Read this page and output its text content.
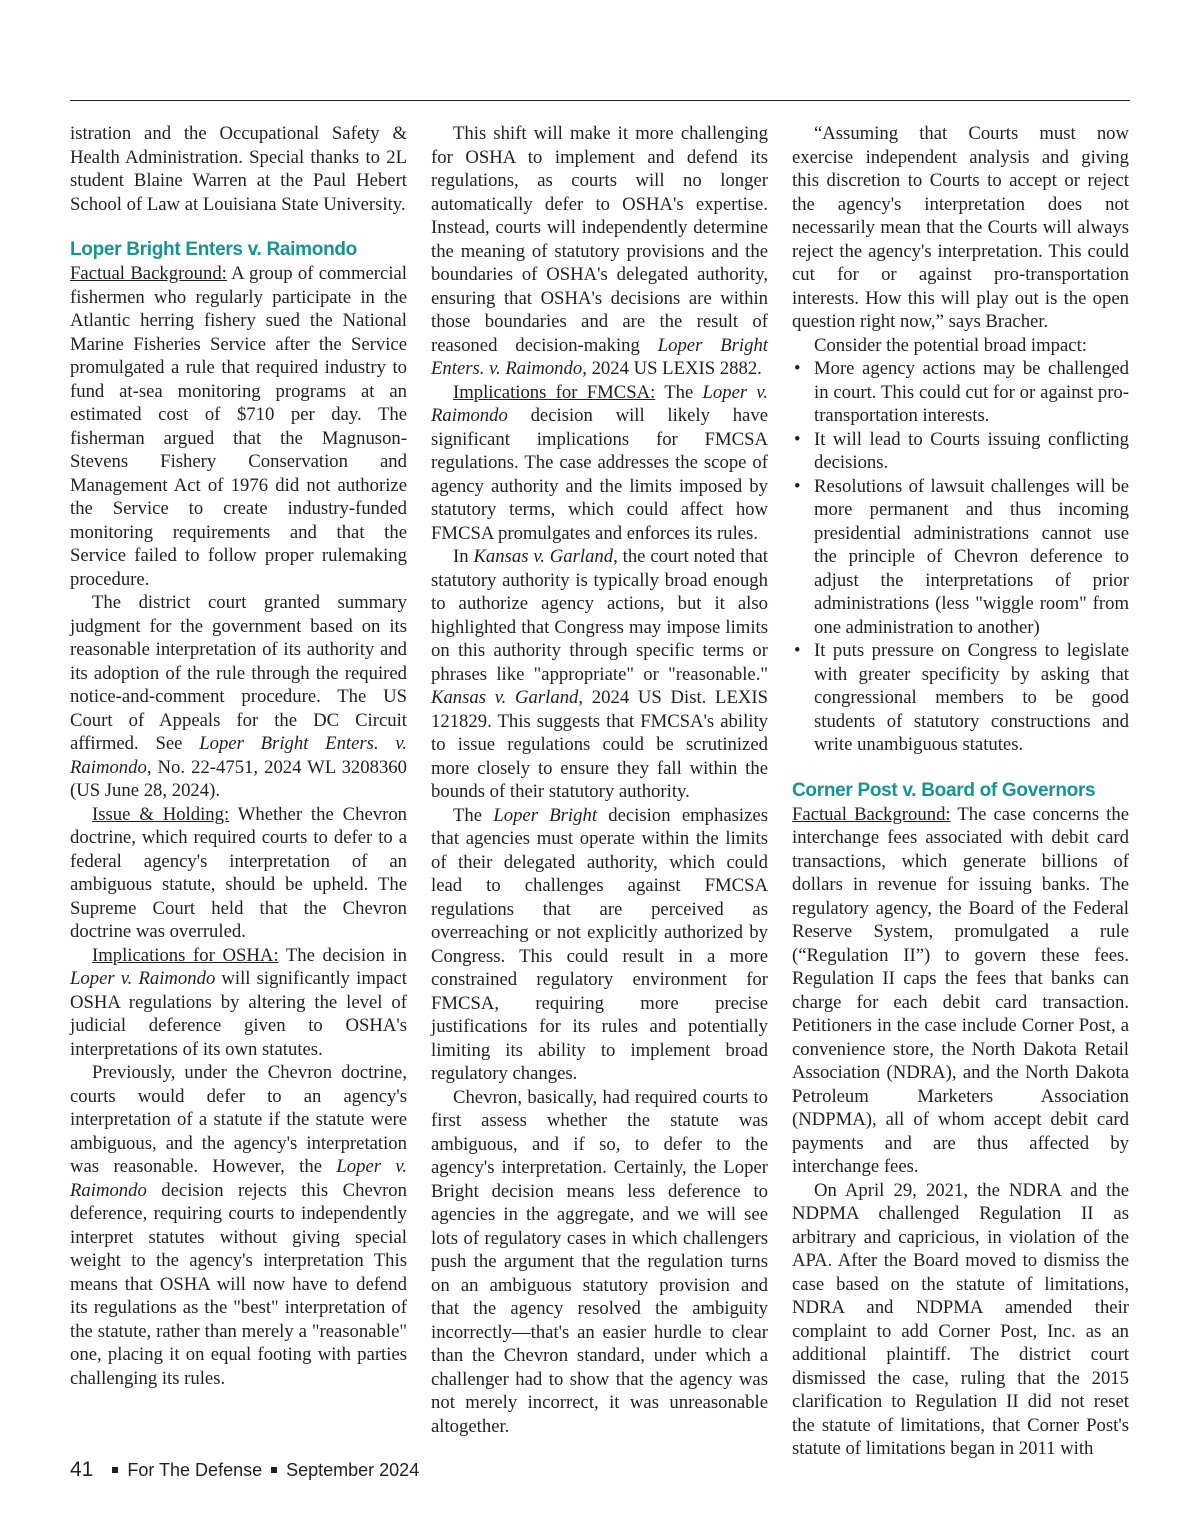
istration and the Occupational Safety & Health Administration. Special thanks to 2L student Blaine Warren at the Paul Hebert School of Law at Louisiana State University.

Loper Bright Enters v. Raimondo

Factual Background: A group of commercial fishermen who regularly participate in the Atlantic herring fishery sued the National Marine Fisheries Service after the Service promulgated a rule that required industry to fund at-sea monitoring programs at an estimated cost of $710 per day. The fisherman argued that the Magnuson-Stevens Fishery Conservation and Management Act of 1976 did not authorize the Service to create industry-funded monitoring requirements and that the Service failed to follow proper rulemaking procedure.

The district court granted summary judgment for the government based on its reasonable interpretation of its authority and its adoption of the rule through the required notice-and-comment procedure. The US Court of Appeals for the DC Circuit affirmed. See Loper Bright Enters. v. Raimondo, No. 22-4751, 2024 WL 3208360 (US June 28, 2024).

Issue & Holding: Whether the Chevron doctrine, which required courts to defer to a federal agency's interpretation of an ambiguous statute, should be upheld. The Supreme Court held that the Chevron doctrine was overruled.

Implications for OSHA: The decision in Loper v. Raimondo will significantly impact OSHA regulations by altering the level of judicial deference given to OSHA's interpretations of its own statutes.

Previously, under the Chevron doctrine, courts would defer to an agency's interpretation of a statute if the statute were ambiguous, and the agency's interpretation was reasonable. However, the Loper v. Raimondo decision rejects this Chevron deference, requiring courts to independently interpret statutes without giving special weight to the agency's interpretation This means that OSHA will now have to defend its regulations as the "best" interpretation of the statute, rather than merely a "reasonable" one, placing it on equal footing with parties challenging its rules.

This shift will make it more challenging for OSHA to implement and defend its regulations, as courts will no longer automatically defer to OSHA's expertise. Instead, courts will independently determine the meaning of statutory provisions and the boundaries of OSHA's delegated authority, ensuring that OSHA's decisions are within those boundaries and are the result of reasoned decision-making Loper Bright Enters. v. Raimondo, 2024 US LEXIS 2882.

Implications for FMCSA: The Loper v. Raimondo decision will likely have significant implications for FMCSA regulations. The case addresses the scope of agency authority and the limits imposed by statutory terms, which could affect how FMCSA promulgates and enforces its rules.

In Kansas v. Garland, the court noted that statutory authority is typically broad enough to authorize agency actions, but it also highlighted that Congress may impose limits on this authority through specific terms or phrases like "appropriate" or "reasonable." Kansas v. Garland, 2024 US Dist. LEXIS 121829. This suggests that FMCSA's ability to issue regulations could be scrutinized more closely to ensure they fall within the bounds of their statutory authority.

The Loper Bright decision emphasizes that agencies must operate within the limits of their delegated authority, which could lead to challenges against FMCSA regulations that are perceived as overreaching or not explicitly authorized by Congress. This could result in a more constrained regulatory environment for FMCSA, requiring more precise justifications for its rules and potentially limiting its ability to implement broad regulatory changes.

Chevron, basically, had required courts to first assess whether the statute was ambiguous, and if so, to defer to the agency's interpretation. Certainly, the Loper Bright decision means less deference to agencies in the aggregate, and we will see lots of regulatory cases in which challengers push the argument that the regulation turns on an ambiguous statutory provision and that the agency resolved the ambiguity incorrectly—that's an easier hurdle to clear than the Chevron standard, under which a challenger had to show that the agency was not merely incorrect, it was unreasonable altogether.

“Assuming that Courts must now exercise independent analysis and giving this discretion to Courts to accept or reject the agency's interpretation does not necessarily mean that the Courts will always reject the agency's interpretation. This could cut for or against pro-transportation interests. How this will play out is the open question right now,” says Bracher.

Consider the potential broad impact:

• More agency actions may be challenged in court. This could cut for or against pro-transportation interests.
• It will lead to Courts issuing conflicting decisions.
• Resolutions of lawsuit challenges will be more permanent and thus incoming presidential administrations cannot use the principle of Chevron deference to adjust the interpretations of prior administrations (less "wiggle room" from one administration to another)
• It puts pressure on Congress to legislate with greater specificity by asking that congressional members to be good students of statutory constructions and write unambiguous statutes.
Corner Post v. Board of Governors

Factual Background: The case concerns the interchange fees associated with debit card transactions, which generate billions of dollars in revenue for issuing banks. The regulatory agency, the Board of the Federal Reserve System, promulgated a rule (“Regulation II”) to govern these fees. Regulation II caps the fees that banks can charge for each debit card transaction. Petitioners in the case include Corner Post, a convenience store, the North Dakota Retail Association (NDRA), and the North Dakota Petroleum Marketers Association (NDPMA), all of whom accept debit card payments and are thus affected by interchange fees.

On April 29, 2021, the NDRA and the NDPMA challenged Regulation II as arbitrary and capricious, in violation of the APA. After the Board moved to dismiss the case based on the statute of limitations, NDRA and NDPMA amended their complaint to add Corner Post, Inc. as an additional plaintiff. The district court dismissed the case, ruling that the 2015 clarification to Regulation II did not reset the statute of limitations, that Corner Post's statute of limitations began in 2011 with

41 For The Defense September 2024
